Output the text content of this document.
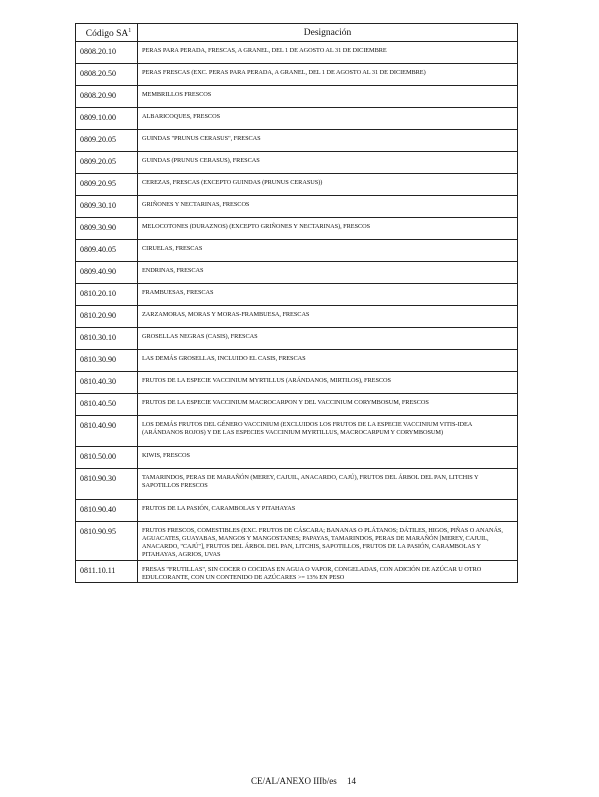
Código $SA^1$	Designación

0808.20.10	PERAS PARA PERADA, FRESCAS, A GRANEL, DEL 1 DE AGOSTO AL 31 DE DICIEMBRE
0808.20.50	PERAS FRESCAS (EXC. PERAS PARA PERADA, A GRANEL, DEL 1 DE AGOSTO AL 31 DE DICIEMBRE)
0808.20.90	MEMBRILLOS FRESCOS
0809.10.00	ALBARICOQUES, FRESCOS
0809.20.05	GUINDAS "PRUNUS CERASUS", FRESCAS
0809.20.05	GUINDAS (PRUNUS CERASUS), FRESCAS
0809.20.95	CEREZAS, FRESCAS (EXCEPTO GUINDAS (PRUNUS CERASUS))
0809.30.10	GRIÑONES Y NECTARINAS, FRESCOS
0809.30.90	MELOCOTONES (DURAZNOS) (EXCEPTO GRIÑONES Y NECTARINAS), FRESCOS
0809.40.05	CIRUELAS, FRESCAS
0809.40.90	ENDRINAS, FRESCAS
0810.20.10	FRAMBUESAS, FRESCAS
0810.20.90	ZARZAMORAS, MORAS Y MORAS-FRAMBUESA, FRESCAS
0810.30.10	GROSELLAS NEGRAS (CASIS), FRESCAS
0810.30.90	LAS DEMÁS GROSELLAS, INCLUIDO EL CASIS, FRESCAS
0810.40.30	FRUTOS DE LA ESPECIE VACCINIUM MYRTILLUS (ARÁNDANOS, MIRTILOS), FRESCOS
0810.40.50	FRUTOS DE LA ESPECIE VACCINIUM MACROCARPON Y DEL VACCINIUM CORYMBOSUM, FRESCOS
0810.40.90	LOS DEMÁS FRUTOS DEL GÉNERO VACCINIUM (EXCLUIDOS LOS FRUTOS DE LA ESPECIE VACCINIUM VITIS-IDEA (ARÁNDANOS ROJOS) Y DE LAS ESPECIES VACCINIUM MYRTILLUS, MACROCARPUM Y CORYMBOSUM)
0810.50.00	KIWIS, FRESCOS
0810.90.30	TAMARINDOS, PERAS DE MARAÑÓN (MEREY, CAJUIL, ANACARDO, CAJÚ), FRUTOS DEL ÁRBOL DEL PAN, LITCHIS Y SAPOTILLOS FRESCOS
0810.90.40	FRUTOS DE LA PASIÓN, CARAMBOLAS Y PITAHAYAS
0810.90.95	FRUTOS FRESCOS, COMESTIBLES (EXC. FRUTOS DE CÁSCARA; BANANAS O PLÁTANOS; DÁTILES, HIGOS, PIÑAS O ANANÁS, AGUACATES, GUAYABAS, MANGOS Y MANGOSTANES; PAPAYAS, TAMARINDOS, PERAS DE MARAÑÓN [MEREY, CAJUIL, ANACARDO, "CAJÚ"], FRUTOS DEL ÁRBOL DEL PAN, LITCHIS, SAPOTILLOS, FRUTOS DE LA PASIÓN, CARAMBOLAS Y PITAHAYAS, AGRIOS, UVAS
0811.10.11	FRESAS "FRUTILLAS", SIN COCER O COCIDAS EN AGUA O VAPOR, CONGELADAS, CON ADICIÓN DE AZÚCAR U OTRO EDULCORANTE, CON UN CONTENIDO DE AZÚCARES >= 13% EN PESO
CE/AL/ANEXO IIIb/es 14
